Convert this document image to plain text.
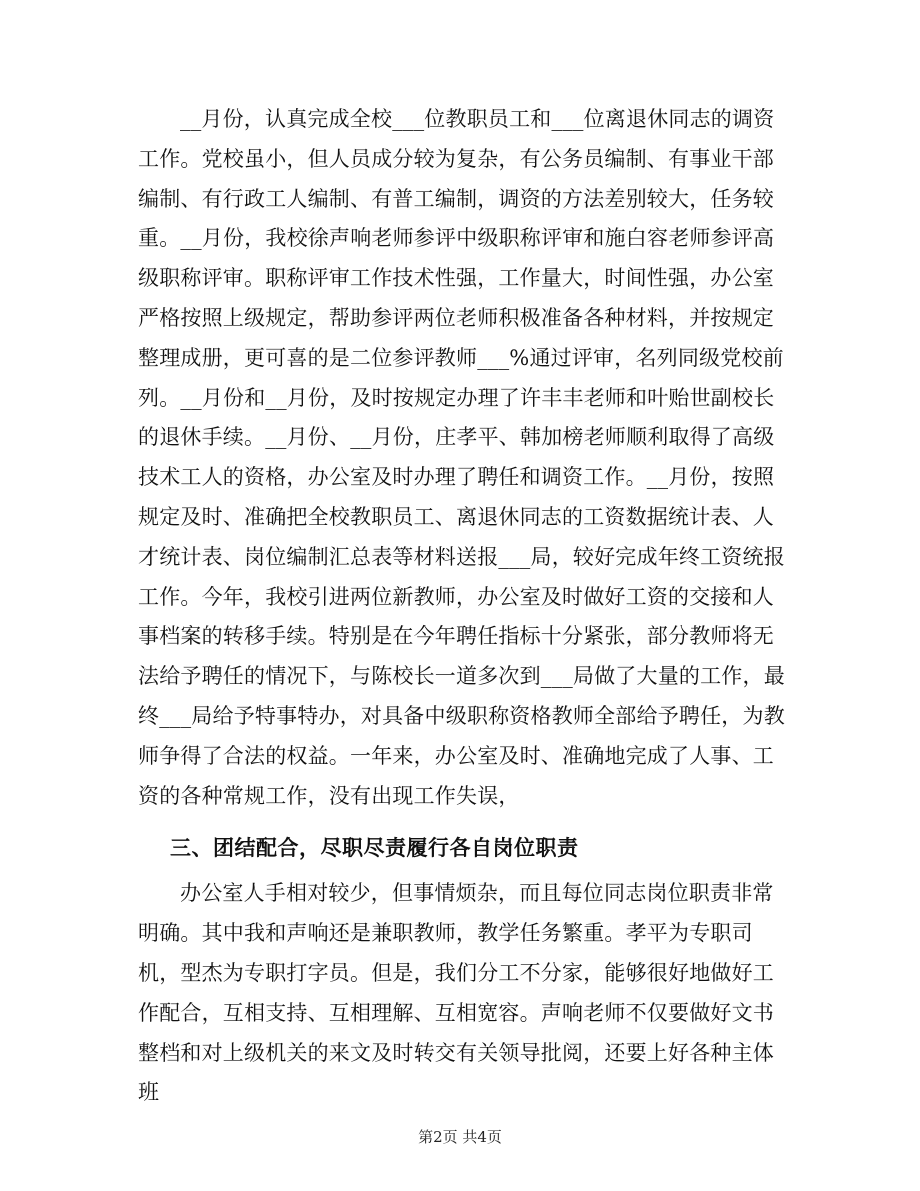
__月份，认真完成全校___位教职员工和___位离退休同志的调资工作。党校虽小，但人员成分较为复杂，有公务员编制、有事业干部编制、有行政工人编制、有普工编制，调资的方法差别较大，任务较重。__月份，我校徐声响老师参评中级职称评审和施白容老师参评高级职称评审。职称评审工作技术性强，工作量大，时间性强，办公室严格按照上级规定，帮助参评两位老师积极准备各种材料，并按规定整理成册，更可喜的是二位参评教师___%通过评审，名列同级党校前列。__月份和__月份，及时按规定办理了许丰丰老师和叶贻世副校长的退休手续。__月份、__月份，庄孝平、韩加榜老师顺利取得了高级技术工人的资格，办公室及时办理了聘任和调资工作。__月份，按照规定及时、准确把全校教职员工、离退休同志的工资数据统计表、人才统计表、岗位编制汇总表等材料送报___局，较好完成年终工资统报工作。今年，我校引进两位新教师，办公室及时做好工资的交接和人事档案的转移手续。特别是在今年聘任指标十分紧张，部分教师将无法给予聘任的情况下，与陈校长一道多次到___局做了大量的工作，最终___局给予特事特办，对具备中级职称资格教师全部给予聘任，为教师争得了合法的权益。一年来，办公室及时、准确地完成了人事、工资的各种常规工作，没有出现工作失误，

三、团结配合，尽职尽责履行各自岗位职责

办公室人手相对较少，但事情烦杂，而且每位同志岗位职责非常明确。其中我和声响还是兼职教师，教学任务繁重。孝平为专职司机，型杰为专职打字员。但是，我们分工不分家，能够很好地做好工作配合，互相支持、互相理解、互相宽容。声响老师不仅要做好文书整档和对上级机关的来文及时转交有关领导批阅，还要上好各种主体班

第2页 共4页
